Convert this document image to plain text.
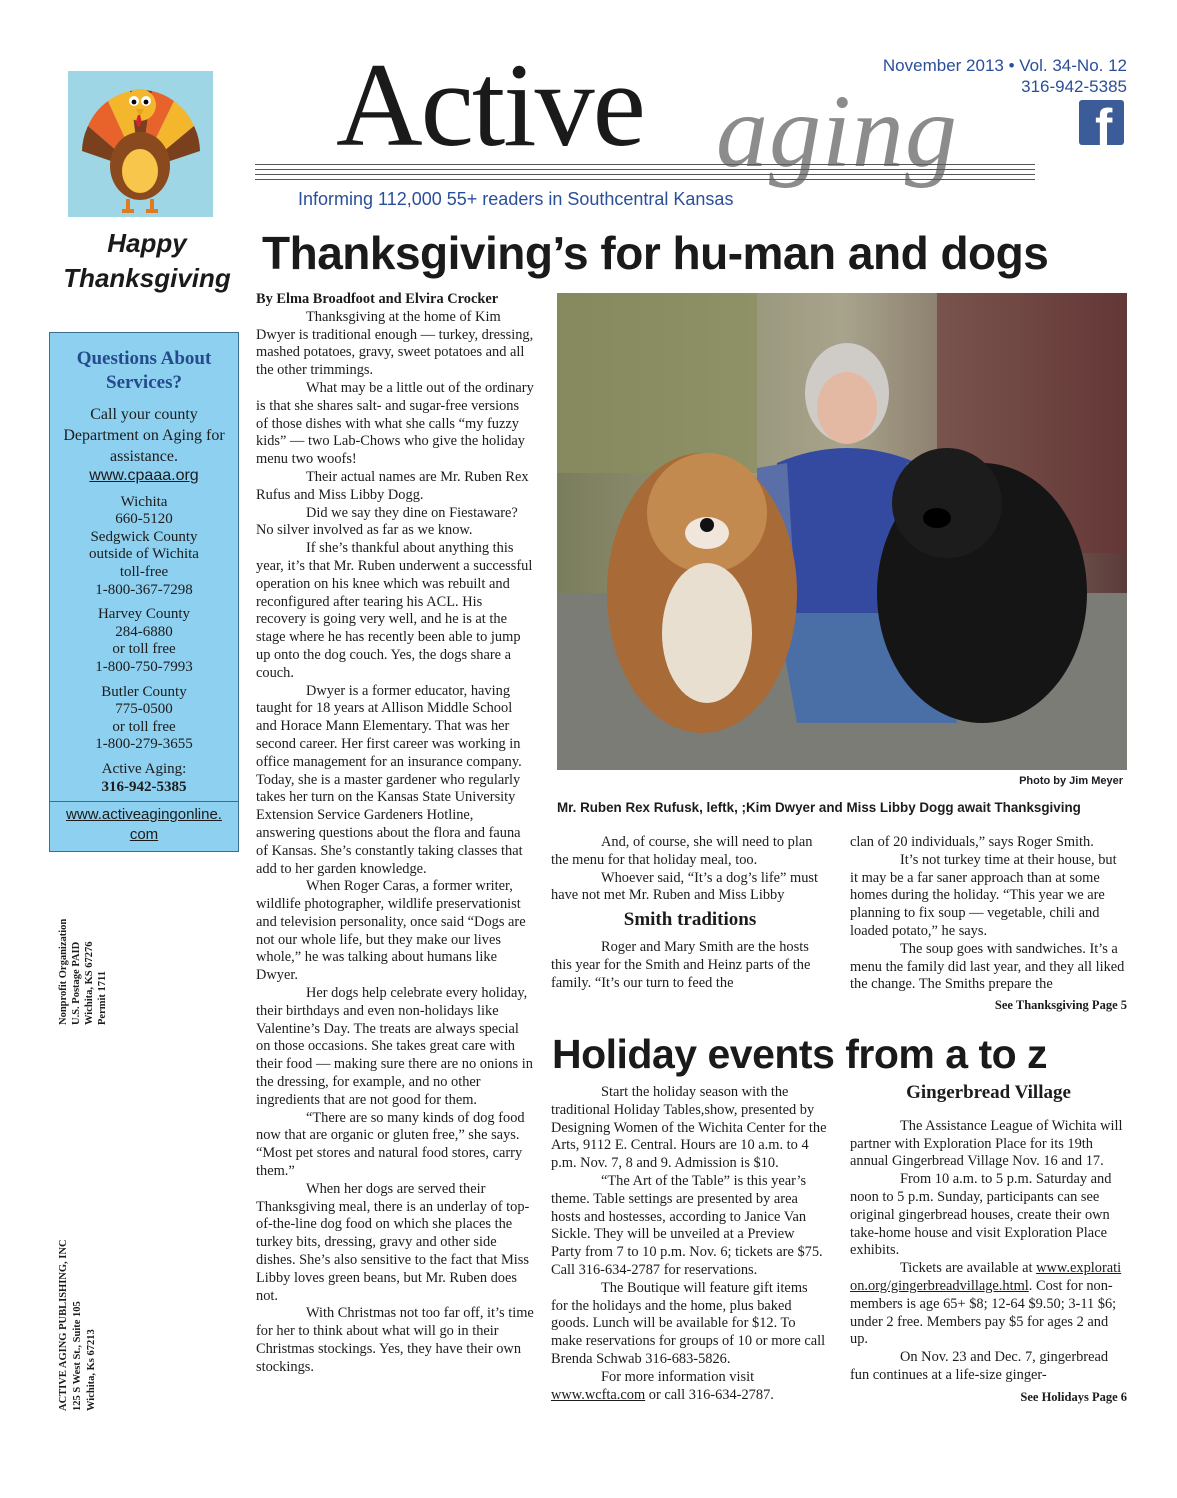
Active aging
November 2013 • Vol. 34-No. 12
316-942-5385
f
Informing 112,000 55+ readers in Southcentral Kansas
Happy
Thanksgiving
Questions About Services?
Call your county Department on Aging for assistance.
www.cpaaa.org
Wichita
660-5120
Sedgwick County
outside of Wichita
toll-free
1-800-367-7298
Harvey County
284-6880
or toll free
1-800-750-7993
Butler County
775-0500
or toll free
1-800-279-3655
Active Aging:
316-942-5385
www.activeagingonline.
com
Nonprofit Organization U.S. Postage PAID Wichita, KS 67276 Permit 1711
ACTIVE AGING PUBLISHING, INC 125 S West St., Suite 105 Wichita, Ks 67213
Thanksgiving’s for hu-man and dogs

By Elma Broadfoot and Elvira Crocker

Thanksgiving at the home of Kim Dwyer is traditional enough — turkey, dressing, mashed potatoes, gravy, sweet potatoes and all the other trimmings.

What may be a little out of the ordinary is that she shares salt- and sugar-free versions of those dishes with what she calls “my fuzzy kids” — two Lab-Chows who give the holiday menu two woofs!

Their actual names are Mr. Ruben Rex Rufus and Miss Libby Dogg.

Did we say they dine on Fiestaware? No silver involved as far as we know.

If she’s thankful about anything this year, it’s that Mr. Ruben underwent a successful operation on his knee which was rebuilt and reconfigured after tearing his ACL. His recovery is going very well, and he is at the stage where he has recently been able to jump up onto the dog couch. Yes, the dogs share a couch.

Dwyer is a former educator, having taught for 18 years at Allison Middle School and Horace Mann Elementary. That was her second career. Her first career was working in office management for an insurance company. Today, she is a master gardener who regularly takes her turn on the Kansas State University Extension Service Gardeners Hotline, answering questions about the flora and fauna of Kansas. She’s constantly taking classes that add to her garden knowledge.

When Roger Caras, a former writer, wildlife photographer, wildlife preservationist and television personality, once said “Dogs are not our whole life, but they make our lives whole,” he was talking about humans like Dwyer.

Her dogs help celebrate every holiday, their birthdays and even non-holidays like Valentine’s Day. The treats are always special on those occasions. She takes great care with their food — making sure there are no onions in the dressing, for example, and no other ingredients that are not good for them.

“There are so many kinds of dog food now that are organic or gluten free,” she says. “Most pet stores and natural food stores, carry them.”

When her dogs are served their Thanksgiving meal, there is an underlay of top-of-the-line dog food on which she places the turkey bits, dressing, gravy and other side dishes. She’s also sensitive to the fact that Miss Libby loves green beans, but Mr. Ruben does not.

With Christmas not too far off, it’s time for her to think about what will go in their Christmas stockings. Yes, they have their own stockings.

Photo by Jim Meyer
Mr. Ruben Rex Rufusk, leftk, ;Kim Dwyer and Miss Libby Dogg await Thanksgiving

And, of course, she will need to plan the menu for that holiday meal, too.

Whoever said, “It’s a dog’s life” must have not met Mr. Ruben and Miss Libby

Smith traditions

Roger and Mary Smith are the hosts this year for the Smith and Heinz parts of the family. “It’s our turn to feed the

clan of 20 individuals,” says Roger Smith.

It’s not turkey time at their house, but it may be a far saner approach than at some homes during the holiday. “This year we are planning to fix soup — vegetable, chili and loaded potato,” he says.

The soup goes with sandwiches. It’s a menu the family did last year, and they all liked the change. The Smiths prepare the

See Thanksgiving Page 5
Holiday events from a to z

Start the holiday season with the traditional Holiday Tables,show, presented by Designing Women of the Wichita Center for the Arts, 9112 E. Central. Hours are 10 a.m. to 4 p.m. Nov. 7, 8 and 9. Admission is $10.

“The Art of the Table” is this year’s theme. Table settings are presented by area hosts and hostesses, according to Janice Van Sickle. They will be unveiled at a Preview Party from 7 to 10 p.m. Nov. 6; tickets are $75. Call 316-634-2787 for reservations.

The Boutique will feature gift items for the holidays and the home, plus baked goods. Lunch will be available for $12. To make reservations for groups of 10 or more call Brenda Schwab 316-683-5826.

For more information visit www.wcfta.com or call 316-634-2787.

Gingerbread Village

The Assistance League of Wichita will partner with Exploration Place for its 19th annual Gingerbread Village Nov. 16 and 17.

From 10 a.m. to 5 p.m. Saturday and noon to 5 p.m. Sunday, participants can see original gingerbread houses, create their own take-home house and visit Exploration Place exhibits.

Tickets are available at www.exploration.org/gingerbreadvillage.html. Cost for non-members is age 65+ $8; 12-64 $9.50; 3-11 $6; under 2 free. Members pay $5 for ages 2 and up.

On Nov. 23 and Dec. 7, gingerbread fun continues at a life-size ginger-

See Holidays Page 6
